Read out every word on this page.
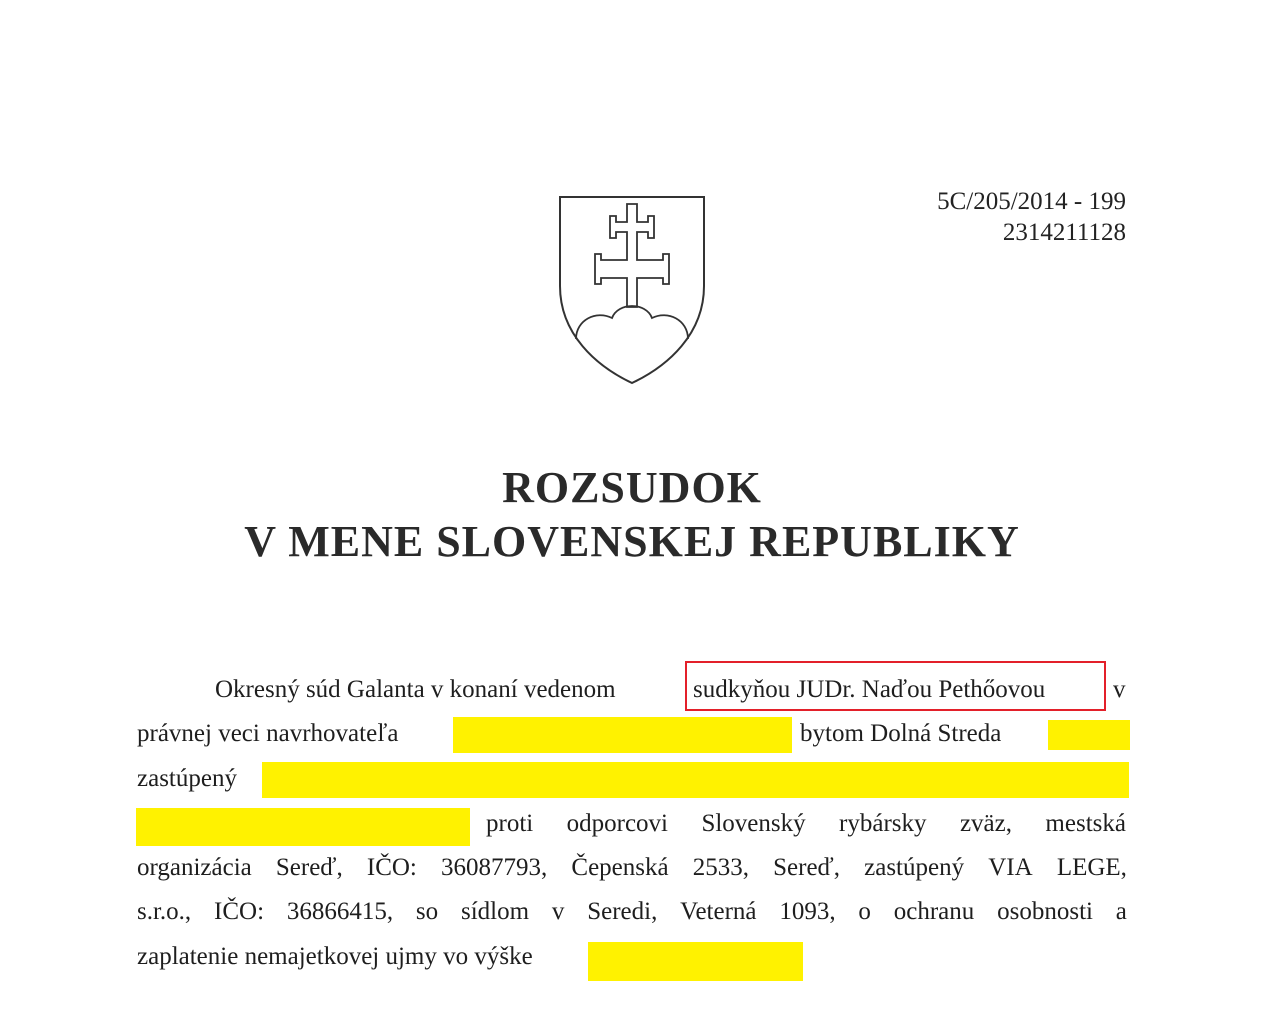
5C/205/2014 - 199
2314211128
ROZSUDOK
V MENE SLOVENSKEJ REPUBLIKY
Okresný súd Galanta v konaní vedenom	sudkyňou JUDr. Naďou Pethőovou	v
právnej veci navrhovateľa	bytom Dolná Streda
zastúpený
proti odporcovi Slovenský rybársky zväz, mestská
organizácia Sereď, IČO: 36087793, Čepenská 2533, Sereď, zastúpený VIA LEGE,
s.r.o., IČO: 36866415, so sídlom v Seredi, Veterná 1093, o ochranu osobnosti a
zaplatenie nemajetkovej ujmy vo výške
